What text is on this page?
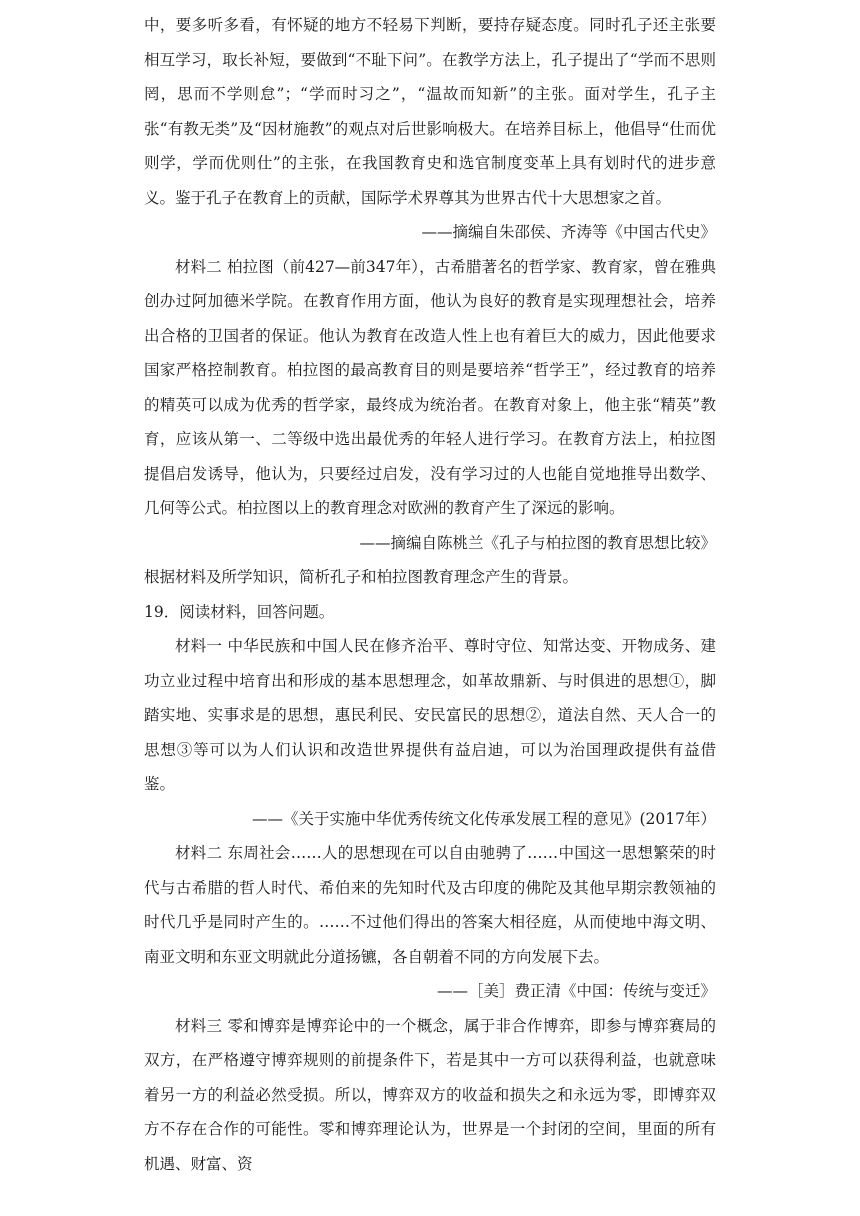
中，要多听多看，有怀疑的地方不轻易下判断，要持存疑态度。同时孔子还主张要相互学习，取长补短，要做到“不耻下问”。在教学方法上，孔子提出了“学而不思则罔，思而不学则怠”；“学而时习之”，“温故而知新”的主张。面对学生，孔子主张“有教无类”及“因材施教”的观点对后世影响极大。在培养目标上，他倡导“仕而优则学，学而优则仕”的主张，在我国教育史和选官制度变革上具有划时代的进步意义。鉴于孔子在教育上的贡献，国际学术界尊其为世界古代十大思想家之首。

——摘编自朱邵侯、齐涛等《中国古代史》

材料二 柏拉图（前427—前347年），古希腊著名的哲学家、教育家，曾在雅典创办过阿加德米学院。在教育作用方面，他认为良好的教育是实现理想社会，培养出合格的卫国者的保证。他认为教育在改造人性上也有着巨大的威力，因此他要求国家严格控制教育。柏拉图的最高教育目的则是要培养“哲学王”，经过教育的培养的精英可以成为优秀的哲学家，最终成为统治者。在教育对象上，他主张“精英”教育，应该从第一、二等级中选出最优秀的年轻人进行学习。在教育方法上，柏拉图提倡启发诱导，他认为，只要经过启发，没有学习过的人也能自觉地推导出数学、几何等公式。柏拉图以上的教育理念对欧洲的教育产生了深远的影响。

——摘编自陈桃兰《孔子与柏拉图的教育思想比较》

根据材料及所学知识，简析孔子和柏拉图教育理念产生的背景。

19．阅读材料，回答问题。

材料一 中华民族和中国人民在修齐治平、尊时守位、知常达变、开物成务、建功立业过程中培育出和形成的基本思想理念，如革故鼎新、与时俱进的思想①，脚踏实地、实事求是的思想，惠民利民、安民富民的思想②，道法自然、天人合一的思想③等可以为人们认识和改造世界提供有益启迪，可以为治国理政提供有益借鉴。

——《关于实施中华优秀传统文化传承发展工程的意见》(2017年）

材料二 东周社会……人的思想现在可以自由驰骋了……中国这一思想繁荣的时代与古希腊的哲人时代、希伯来的先知时代及古印度的佛陀及其他早期宗教领袖的时代几乎是同时产生的。……不过他们得出的答案大相径庭，从而使地中海文明、南亚文明和东亚文明就此分道扬镳，各自朝着不同的方向发展下去。

——［美］费正清《中国：传统与变迁》

材料三 零和博弈是博弈论中的一个概念，属于非合作博弈，即参与博弈赛局的双方，在严格遵守博弈规则的前提条件下，若是其中一方可以获得利益，也就意味着另一方的利益必然受损。所以，博弈双方的收益和损失之和永远为零，即博弈双方不存在合作的可能性。零和博弈理论认为，世界是一个封闭的空间，里面的所有机遇、财富、资
